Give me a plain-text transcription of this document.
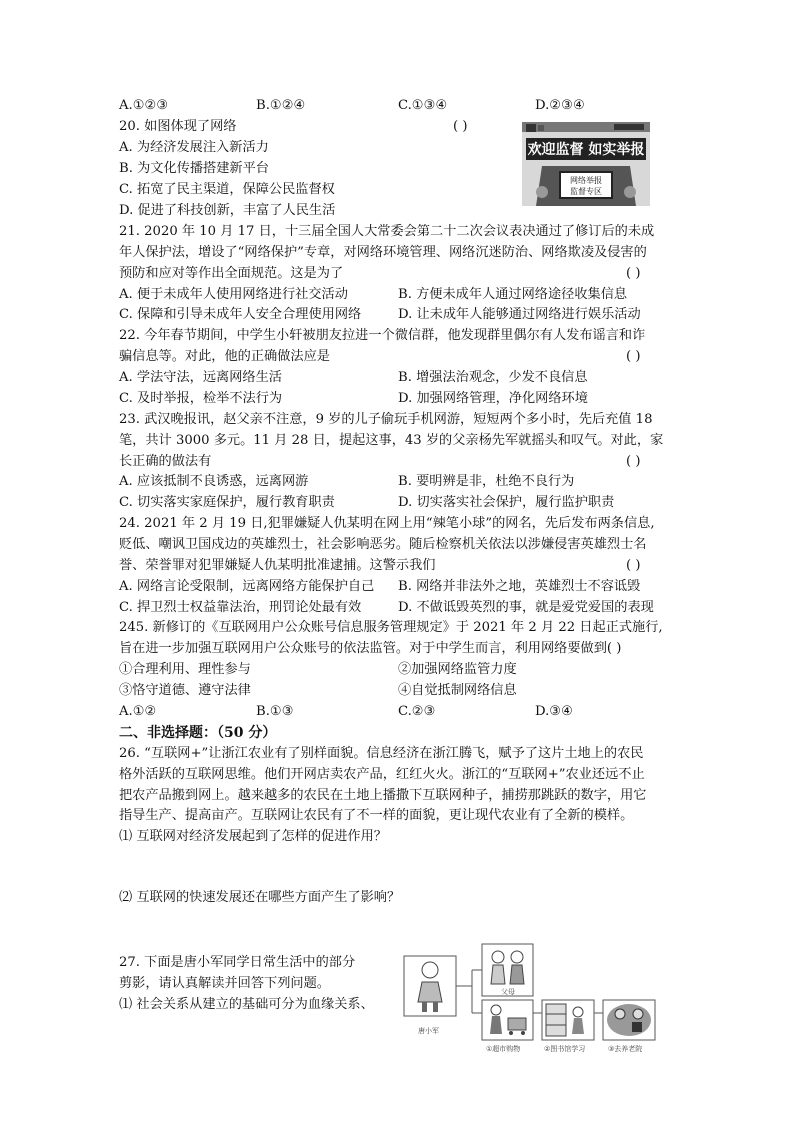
A.①②③	B.①②④	C.①③④	D.②③④
20. 如图体现了网络	( )
A. 为经济发展注入新活力
B. 为文化传播搭建新平台
C. 拓宽了民主渠道，保障公民监督权
D. 促进了科技创新，丰富了人民生活
欢迎监督 如实举报
网络举报
监督专区
21. 2020 年 10 月 17 日，十三届全国人大常委会第二十二次会议表决通过了修订后的未成
年人保护法，增设了“网络保护”专章，对网络环境管理、网络沉迷防治、网络欺凌及侵害的
预防和应对等作出全面规范。这是为了	( )
A. 便于未成年人使用网络进行社交活动	B. 方便未成年人通过网络途径收集信息
C. 保障和引导未成年人安全合理使用网络	D. 让未成年人能够通过网络进行娱乐活动
22. 今年春节期间，中学生小轩被朋友拉进一个微信群，他发现群里偶尔有人发布谣言和诈
骗信息等。对此，他的正确做法应是	( )
A. 学法守法，远离网络生活	B. 增强法治观念，少发不良信息
C. 及时举报，检举不法行为	D. 加强网络管理，净化网络环境
23. 武汉晚报讯，赵父亲不注意，9 岁的儿子偷玩手机网游，短短两个多小时，先后充值 18
笔，共计 3000 多元。11 月 28 日，提起这事，43 岁的父亲杨先军就摇头和叹气。对此，家
长正确的做法有	( )
A. 应该抵制不良诱惑，远离网游	B. 要明辨是非，杜绝不良行为
C. 切实落实家庭保护，履行教育职责	D. 切实落实社会保护，履行监护职责
24. 2021 年 2 月 19 日,犯罪嫌疑人仇某明在网上用“辣笔小球”的网名，先后发布两条信息,
贬低、嘲讽卫国戍边的英雄烈士，社会影响恶劣。随后检察机关依法以涉嫌侵害英雄烈士名
誉、荣誉罪对犯罪嫌疑人仇某明批准逮捕。这警示我们	( )
A. 网络言论受限制，远离网络方能保护自己 B. 网络并非法外之地，英雄烈士不容诋毁
C. 捍卫烈士权益靠法治，刑罚论处最有效	D. 不做诋毁英烈的事，就是爱党爱国的表现
245. 新修订的《互联网用户公众账号信息服务管理规定》于 2021 年 2 月 22 日起正式施行,
旨在进一步加强互联网用户公众账号的依法监管。对于中学生而言，利用网络要做到( )
①合理利用、理性参与	②加强网络监管力度
③恪守道德、遵守法律	④自觉抵制网络信息
A.①②	B.①③	C.②③	D.③④
二、非选择题：（50 分）
26. “互联网+”让浙江农业有了别样面貌。信息经济在浙江腾飞，赋予了这片土地上的农民
格外活跃的互联网思维。他们开网店卖农产品，红红火火。浙江的“互联网+”农业还远不止
把农产品搬到网上。越来越多的农民在土地上播撒下互联网种子，捕捞那跳跃的数字，用它
指导生产、提高亩产。互联网让农民有了不一样的面貌，更让现代农业有了全新的模样。
⑴ 互联网对经济发展起到了怎样的促进作用？
⑵ 互联网的快速发展还在哪些方面产生了影响？
27. 下面是唐小军同学日常生活中的部分
剪影，请认真解读并回答下列问题。
⑴ 社会关系从建立的基础可分为血缘关系、
唐小军
父母
①超市购物	②图书馆学习	③去养老院
